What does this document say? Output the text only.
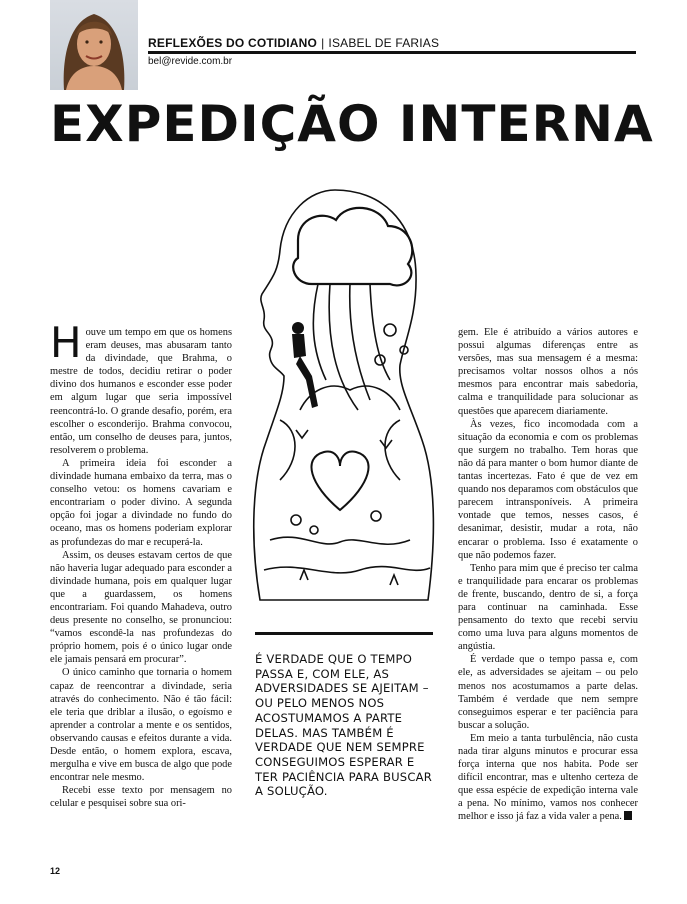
REFLEXÕES DO COTIDIANO | ISABEL DE FARIAS
bel@revide.com.br
EXPEDIÇÃO INTERNA

Houve um tempo em que os homens eram deuses, mas abusaram tanto da divindade, que Brahma, o mestre de todos, decidiu retirar o poder divino dos humanos e esconder esse poder em algum lugar que seria impossível reencontrá-lo. O grande desafio, porém, era escolher o esconderijo. Brahma convocou, então, um conselho de deuses para, juntos, resolverem o problema.

A primeira ideia foi esconder a divindade humana embaixo da terra, mas o conselho vetou: os homens cavariam e encontrariam o poder divino. A segunda opção foi jogar a divindade no fundo do oceano, mas os homens poderiam explorar as profundezas do mar e recuperá-la.

Assim, os deuses estavam certos de que não haveria lugar adequado para esconder a divindade humana, pois em qualquer lugar que a guardassem, os homens encontrariam. Foi quando Mahadeva, outro deus presente no conselho, se pronunciou: “vamos escondê-la nas profundezas do próprio homem, pois é o único lugar onde ele jamais pensará em procurar”.

O único caminho que tornaria o homem capaz de reencontrar a divindade, seria através do conhecimento. Não é tão fácil: ele teria que driblar a ilusão, o egoísmo e aprender a controlar a mente e os sentidos, observando causas e efeitos durante a vida. Desde então, o homem explora, escava, mergulha e vive em busca de algo que pode encontrar nele mesmo.

Recebi esse texto por mensagem no celular e pesquisei sobre sua ori-

É VERDADE QUE O TEMPO PASSA E, COM ELE, AS ADVERSIDADES SE AJEITAM – OU PELO MENOS NOS ACOSTUMAMOS A PARTE DELAS. MAS TAMBÉM É VERDADE QUE NEM SEMPRE CONSEGUIMOS ESPERAR E TER PACIÊNCIA PARA BUSCAR A SOLUÇÃO.

gem. Ele é atribuído a vários autores e possui algumas diferenças entre as versões, mas sua mensagem é a mesma: precisamos voltar nossos olhos a nós mesmos para encontrar mais sabedoria, calma e tranquilidade para solucionar as questões que aparecem diariamente.

Às vezes, fico incomodada com a situação da economia e com os problemas que surgem no trabalho. Tem horas que não dá para manter o bom humor diante de tantas incertezas. Fato é que de vez em quando nos deparamos com obstáculos que parecem intransponíveis. A primeira vontade que temos, nesses casos, é desanimar, desistir, mudar a rota, não encarar o problema. Isso é exatamente o que não podemos fazer.

Tenho para mim que é preciso ter calma e tranquilidade para encarar os problemas de frente, buscando, dentro de si, a força para continuar na caminhada. Esse pensamento do texto que recebi serviu como uma luva para alguns momentos de angústia.

É verdade que o tempo passa e, com ele, as adversidades se ajeitam – ou pelo menos nos acostumamos a parte delas. Também é verdade que nem sempre conseguimos esperar e ter paciência para buscar a solução.

Em meio a tanta turbulência, não custa nada tirar alguns minutos e procurar essa força interna que nos habita. Pode ser difícil encontrar, mas e ultenho certeza de que essa espécie de expedição interna vale a pena. No mínimo, vamos nos conhecer melhor e isso já faz a vida valer a pena.

12
